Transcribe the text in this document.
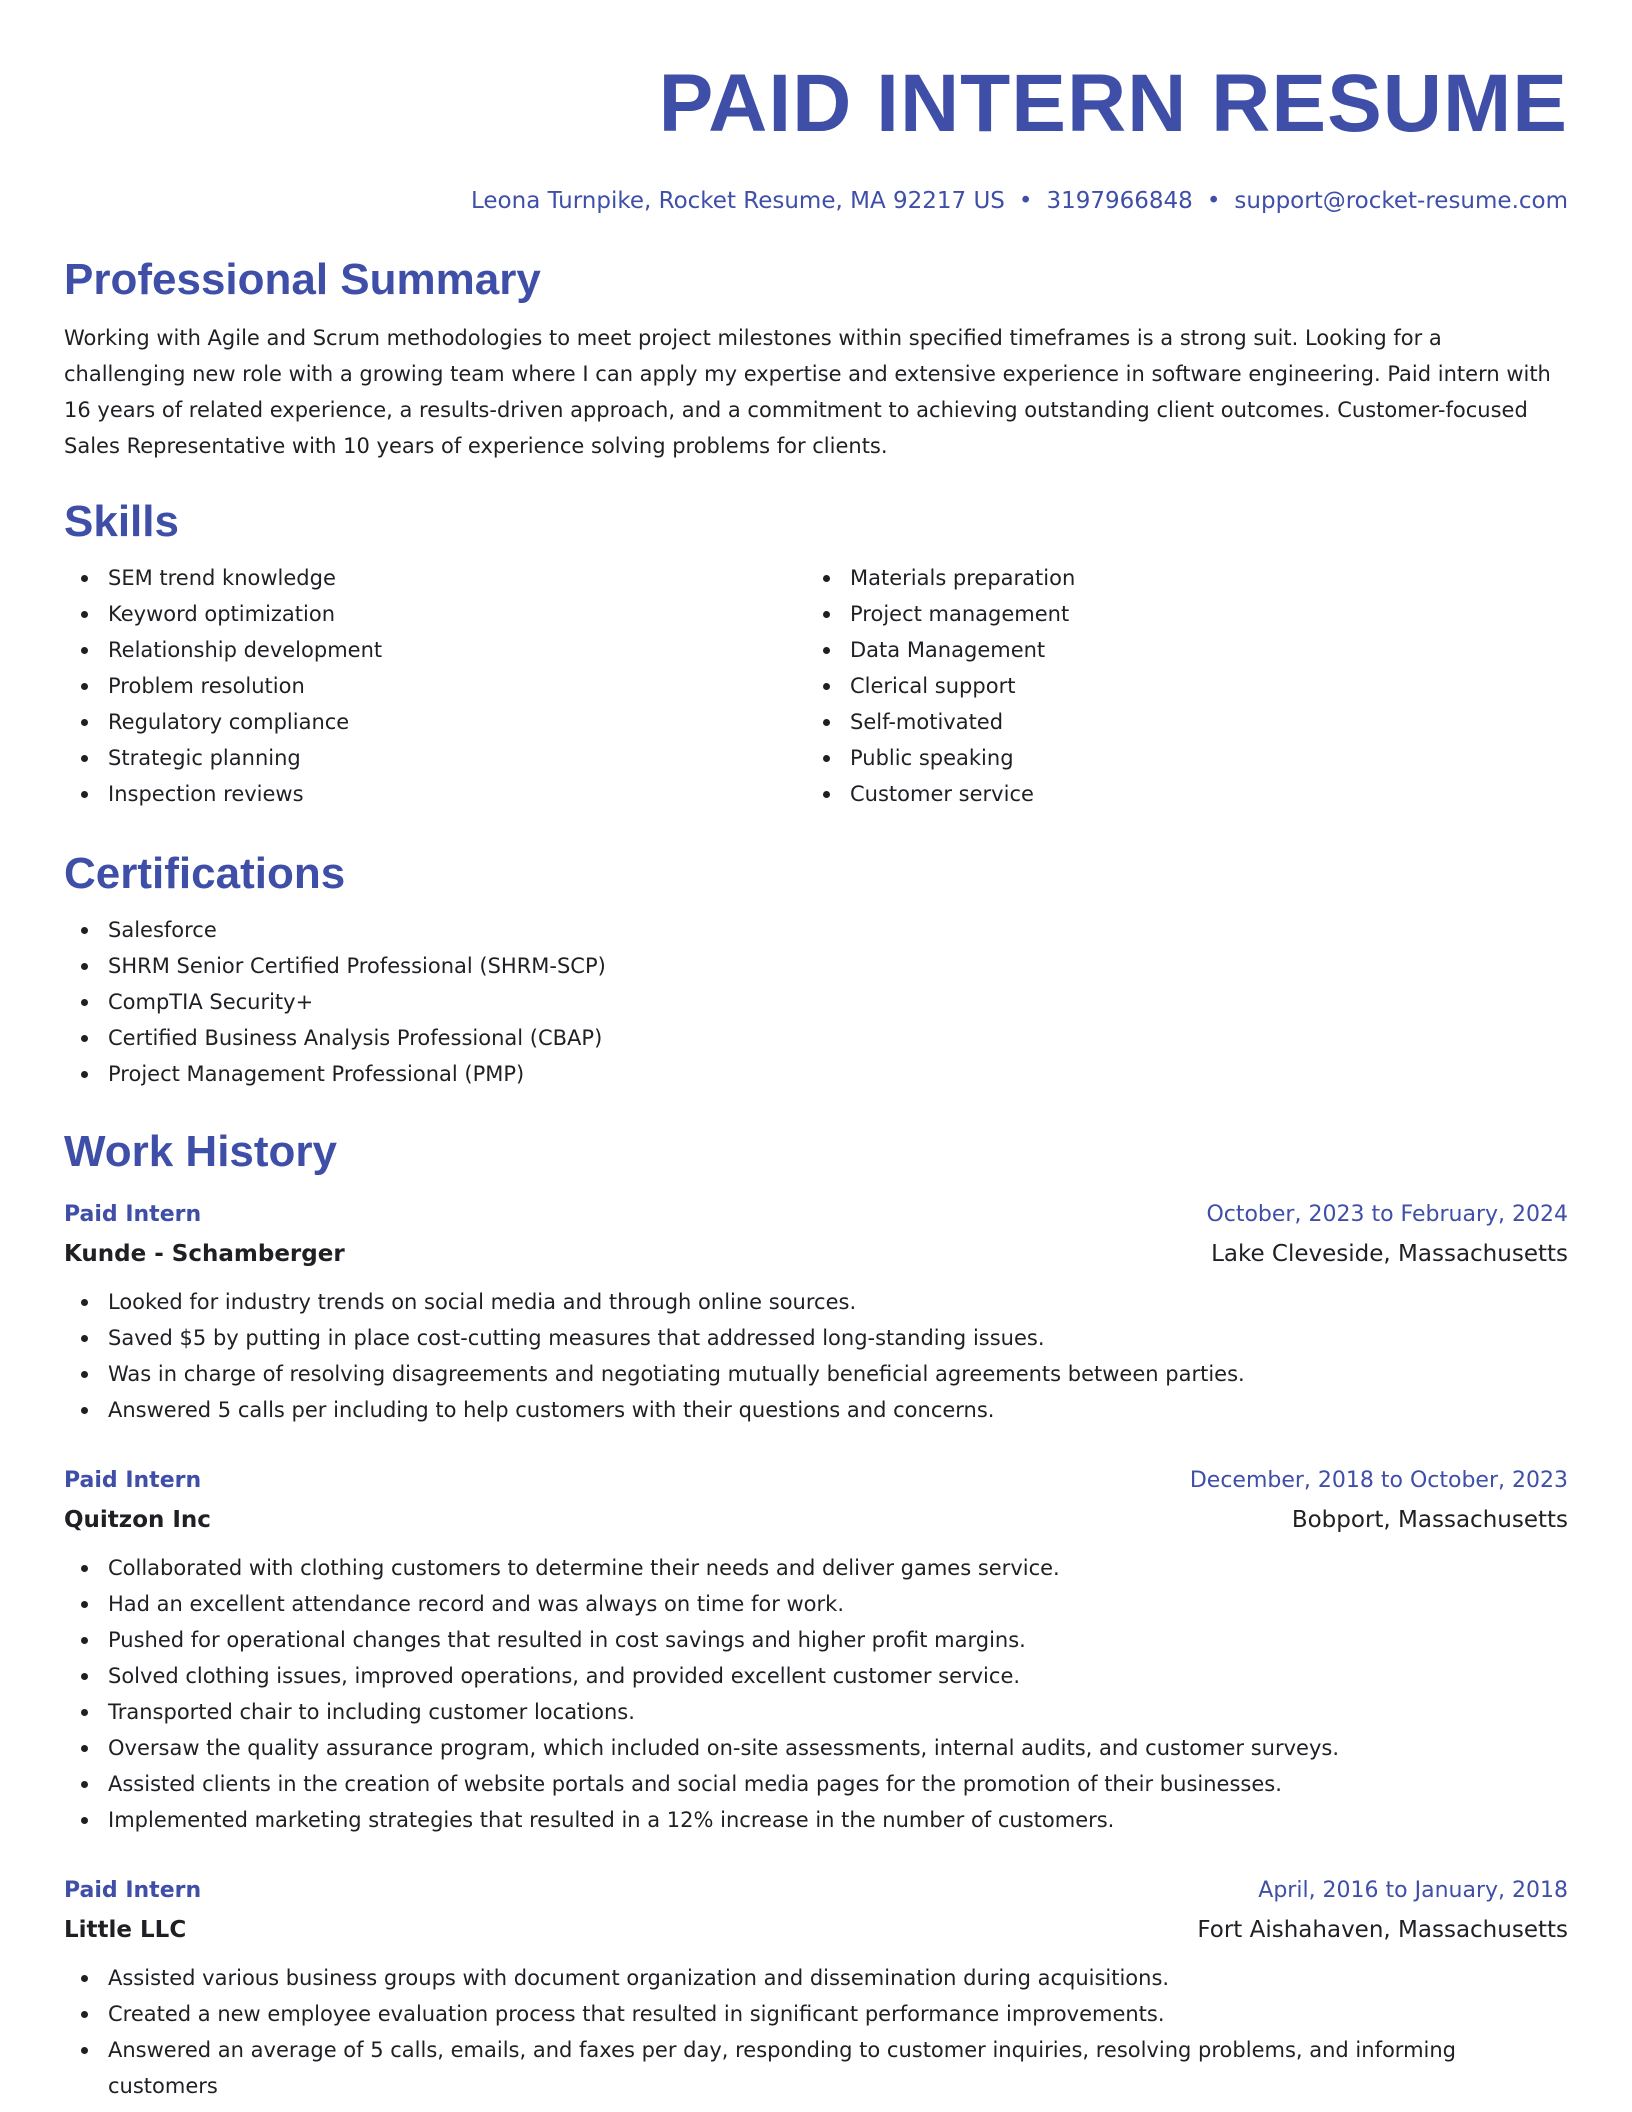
PAID INTERN RESUME
Leona Turnpike, Rocket Resume, MA 92217 US • 3197966848 • support@rocket-resume.com
Professional Summary

Working with Agile and Scrum methodologies to meet project milestones within specified timeframes is a strong suit. Looking for a challenging new role with a growing team where I can apply my expertise and extensive experience in software engineering. Paid intern with 16 years of related experience, a results-driven approach, and a commitment to achieving outstanding client outcomes. Customer-focused Sales Representative with 10 years of experience solving problems for clients.

Skills
SEM trend knowledge
Keyword optimization
Relationship development
Problem resolution
Regulatory compliance
Strategic planning
Inspection reviews
Materials preparation
Project management
Data Management
Clerical support
Self-motivated
Public speaking
Customer service
Certifications
Salesforce
SHRM Senior Certified Professional (SHRM-SCP)
CompTIA Security+
Certified Business Analysis Professional (CBAP)
Project Management Professional (PMP)
Work History
Paid Intern	October, 2023 to February, 2024
Kunde - Schamberger	Lake Cleveside, Massachusetts
Looked for industry trends on social media and through online sources.
Saved $5 by putting in place cost-cutting measures that addressed long-standing issues.
Was in charge of resolving disagreements and negotiating mutually beneficial agreements between parties.
Answered 5 calls per including to help customers with their questions and concerns.
Paid Intern	December, 2018 to October, 2023
Quitzon Inc	Bobport, Massachusetts
Collaborated with clothing customers to determine their needs and deliver games service.
Had an excellent attendance record and was always on time for work.
Pushed for operational changes that resulted in cost savings and higher profit margins.
Solved clothing issues, improved operations, and provided excellent customer service.
Transported chair to including customer locations.
Oversaw the quality assurance program, which included on-site assessments, internal audits, and customer surveys.
Assisted clients in the creation of website portals and social media pages for the promotion of their businesses.
Implemented marketing strategies that resulted in a 12% increase in the number of customers.
Paid Intern	April, 2016 to January, 2018
Little LLC	Fort Aishahaven, Massachusetts
Assisted various business groups with document organization and dissemination during acquisitions.
Created a new employee evaluation process that resulted in significant performance improvements.
Answered an average of 5 calls, emails, and faxes per day, responding to customer inquiries, resolving problems, and informing customers
